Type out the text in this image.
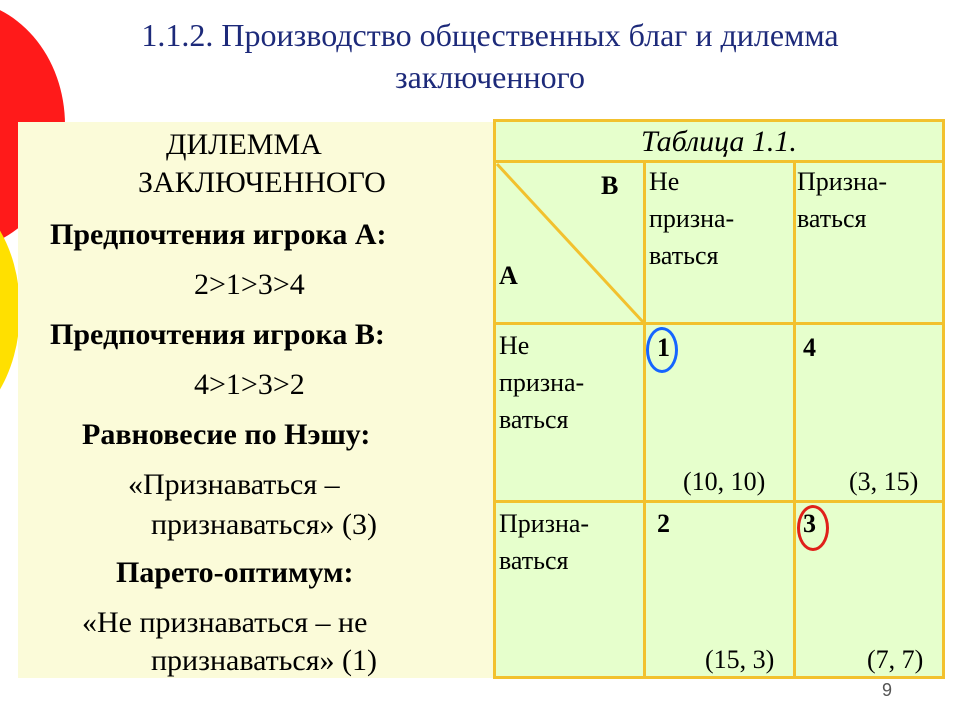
1.1.2. Производство общественных благ и дилемма
заключенного
ДИЛЕММА
ЗАКЛЮЧЕННОГО
Предпочтения игрока А:
2>1>3>4
Предпочтения игрока В:
4>1>3>2
Равновесие по Нэшу:
«Признаваться –
признаваться» (3)
Парето-оптимум:
«Не признаваться – не
признаваться» (1)
Таблица 1.1.
В
А
Не
призна-
ваться
Призна-
ваться
Не
призна-
ваться
Призна-
ваться
1
(10, 10)
4
(3, 15)
2
(15, 3)
3
(7, 7)
9
